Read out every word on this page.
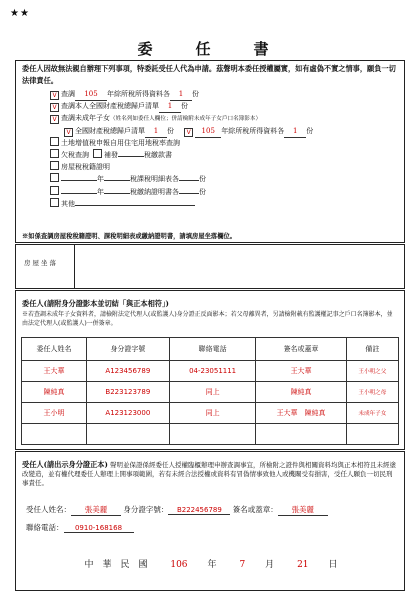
★★
委　任　書
委任人因故無法親自辦理下列事項，特委託受任人代為申請。茲聲明本委任授權屬實，如有虛偽不實之情事，願負一切法律責任。
V 查調 105 年綜所稅所得資料各 1 份
V 查調本人全國財產稅總歸戶清單 1 份
V 查調未成年子女（姓名列如委任人欄位；併請檢附未成年子女戶口名簿影本）
V 全國財產稅總歸戶清單 1 份 V 105 年綜所稅所得資料各 1 份
土地增值稅申報自用住宅用地稅率查詢
欠稅查詢 補發	稅繳款書
房屋稅稅籍證明
年	稅課稅明細表各	份
年	稅繳納證明書各	份
其他
※如係查調房屋稅稅籍證明、課稅明細表或繳納證明書，請填房屋坐落欄位。
房屋坐落
委任人(請附身分證影本並切結「與正本相符」)
※若查調未成年子女資料者，請檢附法定代理人(或監護人)身分證正反面影本；若父母離異者，另請檢附載有監護權記事之戶口名簿影本，並由法定代理人(或監護人)一併簽章。
委任人姓名	身分證字號	聯絡電話	簽名或蓋章	備註
王大華	A123456789	04-23051111	王大華	王小明之父
陳純真	B223123789	同上	陳純真	王小明之母
王小明	A123123000	同上	王大華　陳純真	未成年子女

受任人(請出示身分證正本) 聲明並保證係經委任人授權臨櫃辦理申辦查調事宜，所檢附之證件與相關資料均與正本相符且未經塗改變造，並有權代理委任人辦理上開事項範圍，若有未經合法授權或資料有冒偽情事致他人或機關受有損害，受任人願負一切民刑事責任。
受任人姓名： 張美麗 身分證字號： B222456789 簽名或蓋章： 張美麗
聯絡電話： 0910-168168
中　華　民　國	106 年	7 月	21 日
